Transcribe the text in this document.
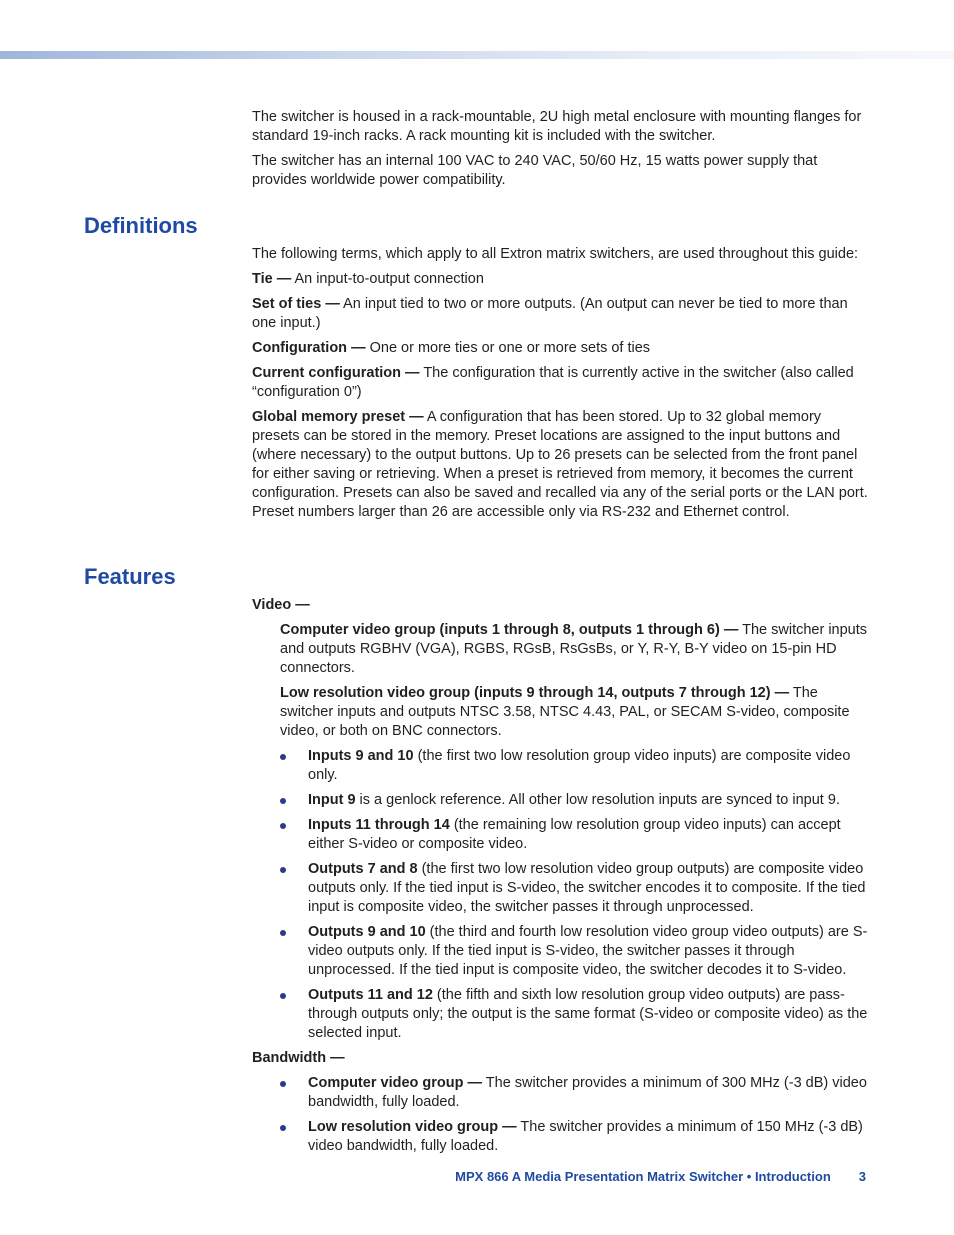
The switcher is housed in a rack-mountable, 2U high metal enclosure with mounting flanges for standard 19-inch racks. A rack mounting kit is included with the switcher.

The switcher has an internal 100 VAC to 240 VAC, 50/60 Hz, 15 watts power supply that provides worldwide power compatibility.

Definitions

The following terms, which apply to all Extron matrix switchers, are used throughout this guide:

Tie — An input-to-output connection

Set of ties — An input tied to two or more outputs. (An output can never be tied to more than one input.)

Configuration — One or more ties or one or more sets of ties

Current configuration — The configuration that is currently active in the switcher (also called “configuration 0”)

Global memory preset — A configuration that has been stored. Up to 32 global memory presets can be stored in the memory. Preset locations are assigned to the input buttons and (where necessary) to the output buttons. Up to 26 presets can be selected from the front panel for either saving or retrieving. When a preset is retrieved from memory, it becomes the current configuration. Presets can also be saved and recalled via any of the serial ports or the LAN port. Preset numbers larger than 26 are accessible only via RS-232 and Ethernet control.

Features

Video —

Computer video group (inputs 1 through 8, outputs 1 through 6) — The switcher inputs and outputs RGBHV (VGA), RGBS, RGsB, RsGsBs, or Y, R-Y, B-Y video on 15-pin HD connectors.

Low resolution video group (inputs 9 through 14, outputs 7 through 12) — The switcher inputs and outputs NTSC 3.58, NTSC 4.43, PAL, or SECAM S-video, composite video, or both on BNC connectors.

Inputs 9 and 10 (the first two low resolution group video inputs) are composite video only.
Input 9 is a genlock reference. All other low resolution inputs are synced to input 9.
Inputs 11 through 14 (the remaining low resolution group video inputs) can accept either S-video or composite video.
Outputs 7 and 8 (the first two low resolution video group outputs) are composite video outputs only. If the tied input is S-video, the switcher encodes it to composite. If the tied input is composite video, the switcher passes it through unprocessed.
Outputs 9 and 10 (the third and fourth low resolution video group video outputs) are S-video outputs only. If the tied input is S-video, the switcher passes it through unprocessed. If the tied input is composite video, the switcher decodes it to S-video.
Outputs 11 and 12 (the fifth and sixth low resolution group video outputs) are pass-through outputs only; the output is the same format (S-video or composite video) as the selected input.

Bandwidth —

Computer video group — The switcher provides a minimum of 300 MHz (-3 dB) video bandwidth, fully loaded.
Low resolution video group — The switcher provides a minimum of 150 MHz (-3 dB) video bandwidth, fully loaded.
MPX 866 A Media Presentation Matrix Switcher • Introduction 3
